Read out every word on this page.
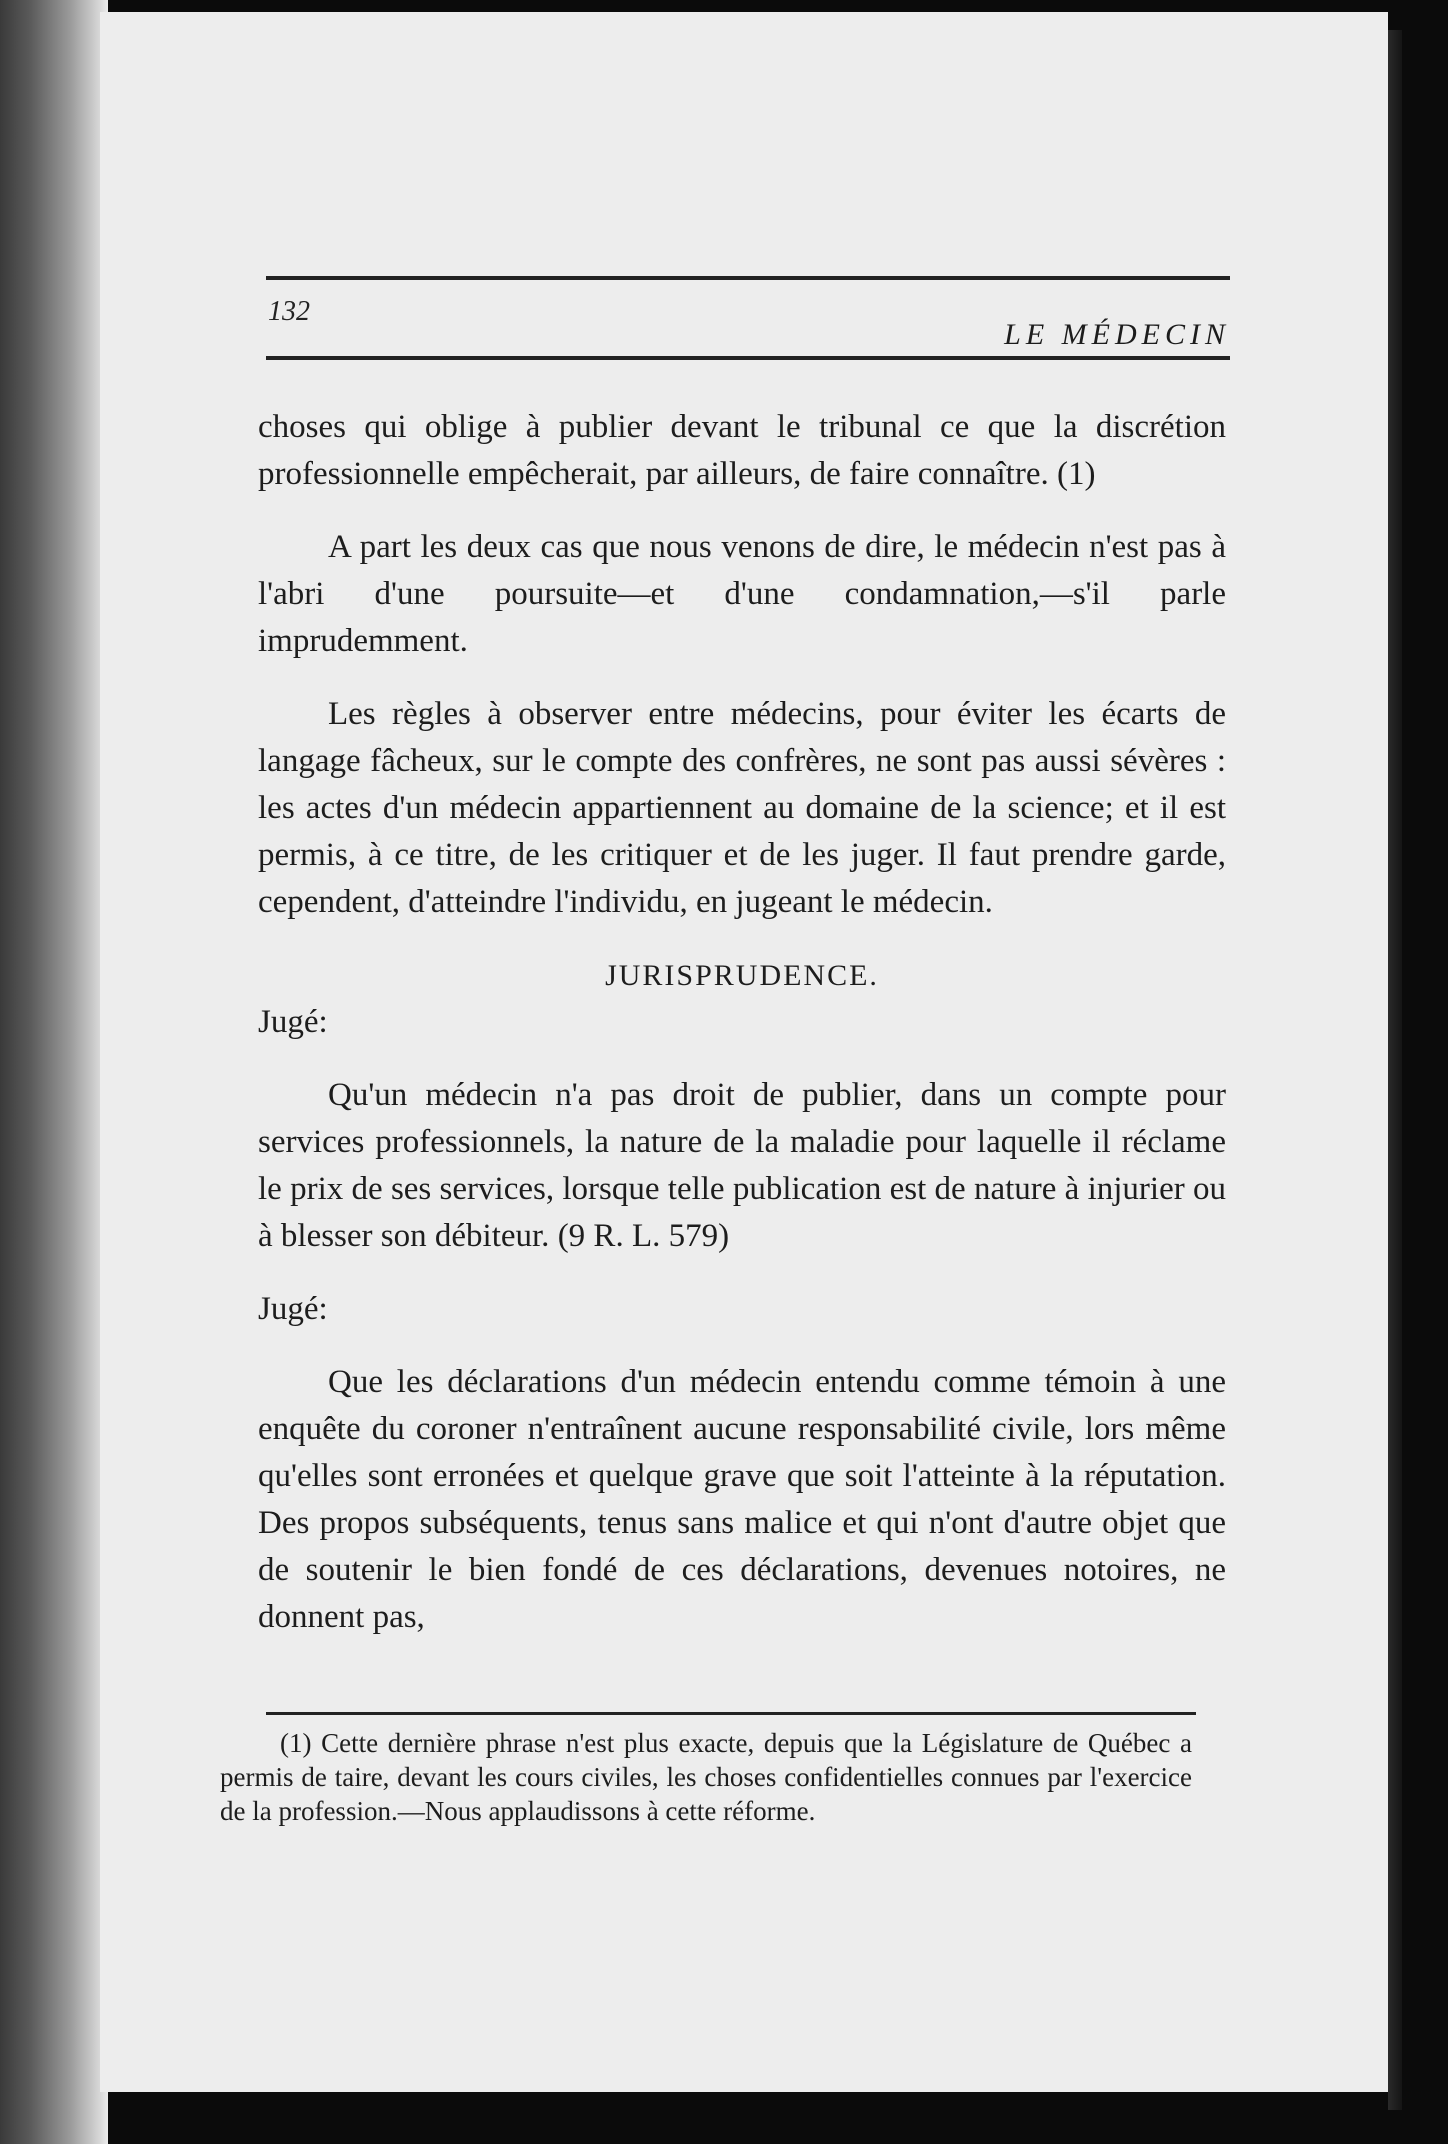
132
LE MÉDECIN

choses qui oblige à publier devant le tribunal ce que la discrétion professionnelle empêcherait, par ailleurs, de faire connaître. (1)

A part les deux cas que nous venons de dire, le médecin n'est pas à l'abri d'une poursuite—et d'une condamnation,—s'il parle imprudemment.

Les règles à observer entre médecins, pour éviter les écarts de langage fâcheux, sur le compte des confrères, ne sont pas aussi sévères : les actes d'un médecin appartiennent au domaine de la science; et il est permis, à ce titre, de les critiquer et de les juger. Il faut prendre garde, cependent, d'atteindre l'individu, en jugeant le médecin.

JURISPRUDENCE.

Jugé:

Qu'un médecin n'a pas droit de publier, dans un compte pour services professionnels, la nature de la maladie pour laquelle il réclame le prix de ses services, lorsque telle publication est de nature à injurier ou à blesser son débiteur. (9 R. L. 579)

Jugé:

Que les déclarations d'un médecin entendu comme témoin à une enquête du coroner n'entraînent aucune responsabilité civile, lors même qu'elles sont erronées et quelque grave que soit l'atteinte à la réputation. Des propos subséquents, tenus sans malice et qui n'ont d'autre objet que de soutenir le bien fondé de ces déclarations, devenues notoires, ne donnent pas,

(1) Cette dernière phrase n'est plus exacte, depuis que la Législature de Québec a permis de taire, devant les cours civiles, les choses confidentielles connues par l'exercice de la profession.—Nous applaudissons à cette réforme.
